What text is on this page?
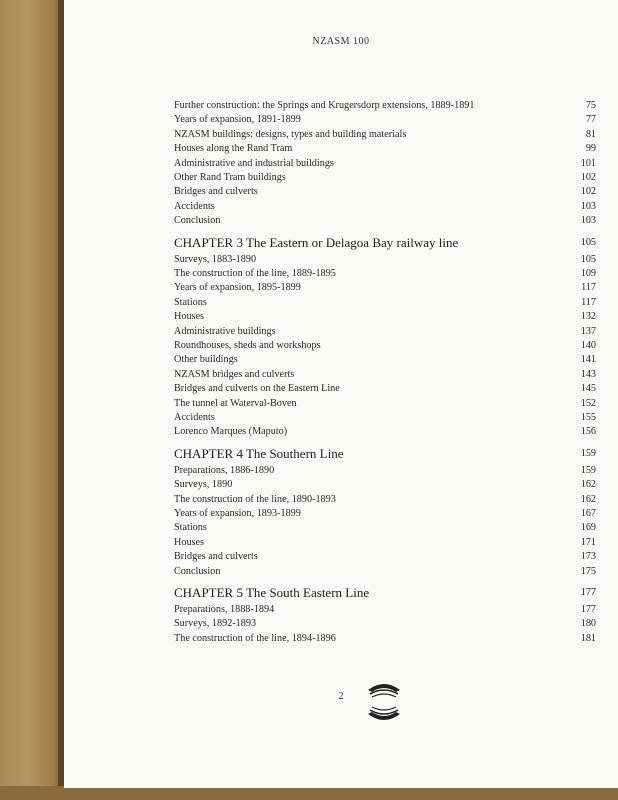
NZASM 100
Further construction: the Springs and Krugersdorp extensions, 1889-1891	75
Years of expansion, 1891-1899	77
NZASM buildings: designs, types and building materials	81
Houses along the Rand Tram	99
Administrative and industrial buildings	101
Other Rand Tram buildings	102
Bridges and culverts	102
Accidents	103
Conclusion	103
CHAPTER 3 The Eastern or Delagoa Bay railway line	105
Surveys, 1883-1890	105
The construction of the line, 1889-1895	109
Years of expansion, 1895-1899	117
Stations	117
Houses	132
Administrative buildings	137
Roundhouses, sheds and workshops	140
Other buildings	141
NZASM bridges and culverts	143
Bridges and culverts on the Eastern Line	145
The tunnel at Waterval-Boven	152
Accidents	155
Lorenco Marques (Maputo)	156
CHAPTER 4 The Southern Line	159
Preparations, 1886-1890	159
Surveys, 1890	162
The construction of the line, 1890-1893	162
Years of expansion, 1893-1899	167
Stations	169
Houses	171
Bridges and culverts	173
Conclusion	175
CHAPTER 5 The South Eastern Line	177
Preparations, 1888-1894	177
Surveys, 1892-1893	180
The construction of the line, 1894-1896	181
2
